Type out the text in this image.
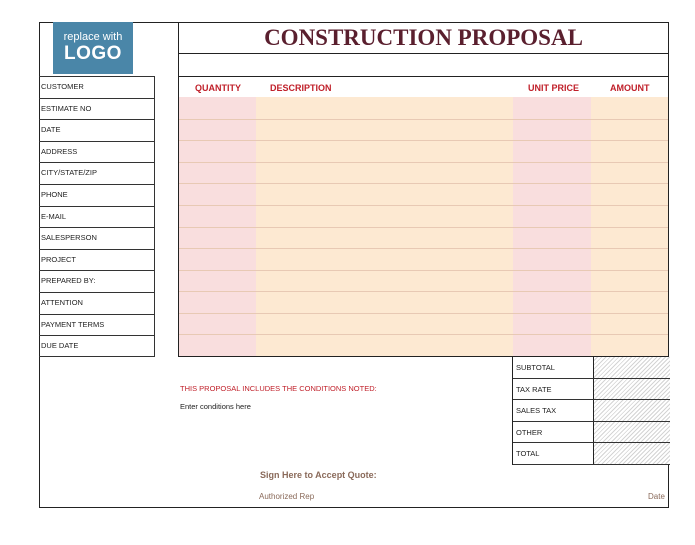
replace with
LOGO
CONSTRUCTION PROPOSAL
CUSTOMER
ESTIMATE NO
DATE
ADDRESS
CITY/STATE/ZIP
PHONE
E-MAIL
SALESPERSON
PROJECT
PREPARED BY:
ATTENTION
PAYMENT TERMS
DUE DATE
QUANTITY	DESCRIPTION	UNIT PRICE	AMOUNT
THIS PROPOSAL INCLUDES THE CONDITIONS NOTED:
Enter conditions here
SUBTOTAL
TAX RATE
SALES TAX
OTHER
TOTAL
Sign Here to Accept Quote:
Authorized Rep	Date
